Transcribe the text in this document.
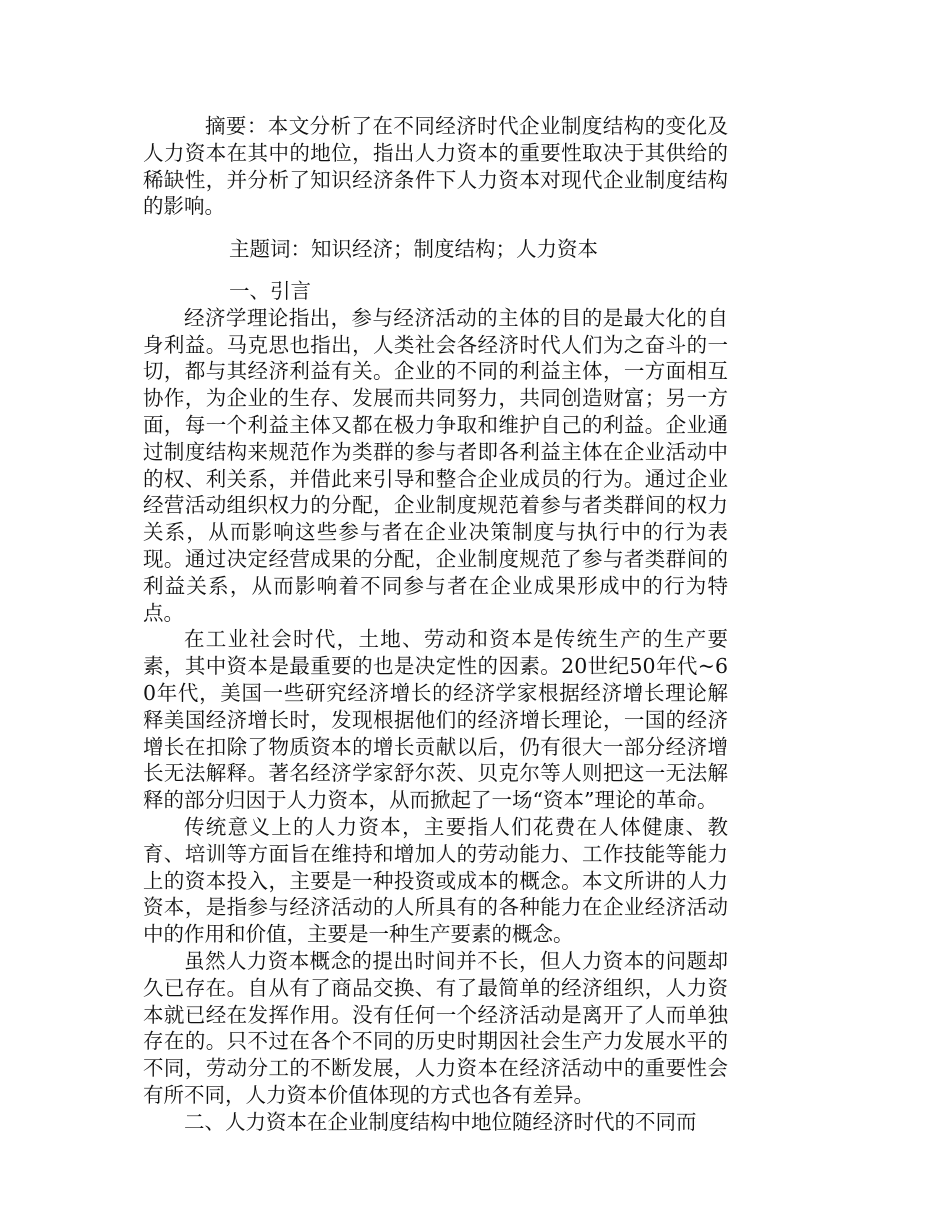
摘要：本文分析了在不同经济时代企业制度结构的变化及人力资本在其中的地位，指出人力资本的重要性取决于其供给的稀缺性，并分析了知识经济条件下人力资本对现代企业制度结构的影响。

主题词：知识经济；制度结构；人力资本

一、引言

经济学理论指出，参与经济活动的主体的目的是最大化的自身利益。马克思也指出，人类社会各经济时代人们为之奋斗的一切，都与其经济利益有关。企业的不同的利益主体，一方面相互协作，为企业的生存、发展而共同努力，共同创造财富；另一方面，每一个利益主体又都在极力争取和维护自己的利益。企业通过制度结构来规范作为类群的参与者即各利益主体在企业活动中的权、利关系，并借此来引导和整合企业成员的行为。通过企业经营活动组织权力的分配，企业制度规范着参与者类群间的权力关系，从而影响这些参与者在企业决策制度与执行中的行为表现。通过决定经营成果的分配，企业制度规范了参与者类群间的利益关系，从而影响着不同参与者在企业成果形成中的行为特点。

在工业社会时代，土地、劳动和资本是传统生产的生产要素，其中资本是最重要的也是决定性的因素。20世纪50年代~60年代，美国一些研究经济增长的经济学家根据经济增长理论解释美国经济增长时，发现根据他们的经济增长理论，一国的经济增长在扣除了物质资本的增长贡献以后，仍有很大一部分经济增长无法解释。著名经济学家舒尔茨、贝克尔等人则把这一无法解释的部分归因于人力资本，从而掀起了一场“资本”理论的革命。

传统意义上的人力资本，主要指人们花费在人体健康、教育、培训等方面旨在维持和增加人的劳动能力、工作技能等能力上的资本投入，主要是一种投资或成本的概念。本文所讲的人力资本，是指参与经济活动的人所具有的各种能力在企业经济活动中的作用和价值，主要是一种生产要素的概念。

虽然人力资本概念的提出时间并不长，但人力资本的问题却久已存在。自从有了商品交换、有了最简单的经济组织，人力资本就已经在发挥作用。没有任何一个经济活动是离开了人而单独存在的。只不过在各个不同的历史时期因社会生产力发展水平的不同，劳动分工的不断发展，人力资本在经济活动中的重要性会有所不同，人力资本价值体现的方式也各有差异。

二、人力资本在企业制度结构中地位随经济时代的不同而
